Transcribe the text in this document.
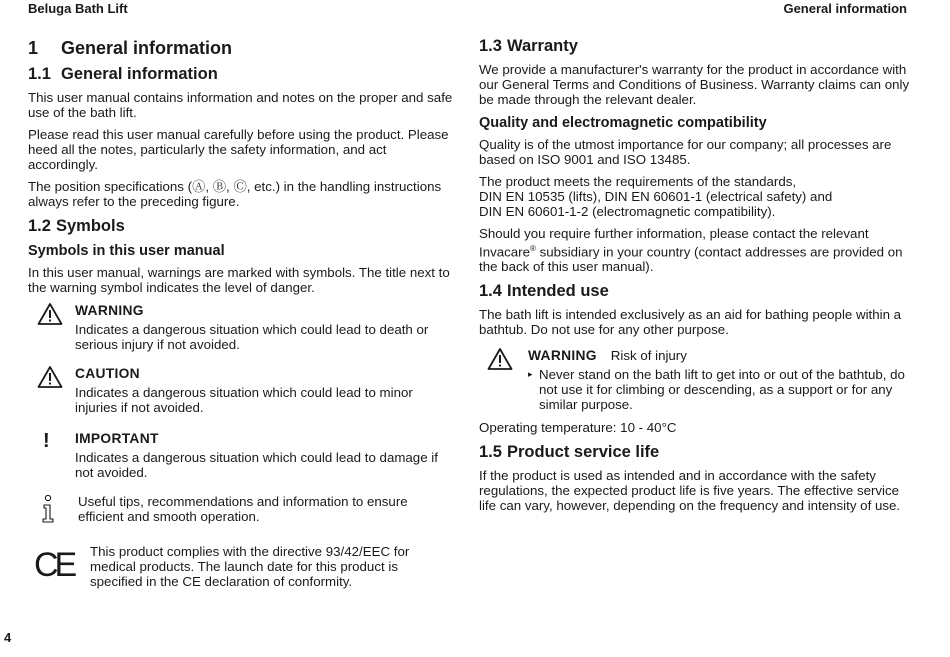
Beluga Bath Lift	General information
1 General information
1.1 General information

This user manual contains information and notes on the proper and safe use of the bath lift.

Please read this user manual carefully before using the product. Please heed all the notes, particularly the safety information, and act accordingly.

The position specifications (Ⓐ, Ⓑ, Ⓒ, etc.) in the handling instructions always refer to the preceding figure.

1.2 Symbols
Symbols in this user manual

In this user manual, warnings are marked with symbols. The title next to the warning symbol indicates the level of danger.

WARNING

Indicates a dangerous situation which could lead to death or serious injury if not avoided.

CAUTION

Indicates a dangerous situation which could lead to minor injuries if not avoided.

! IMPORTANT

Indicates a dangerous situation which could lead to damage if not avoided.

Useful tips, recommendations and information to ensure efficient and smooth operation.

CE This product complies with the directive 93/42/EEC for medical products. The launch date for this product is specified in the CE declaration of conformity.

1.3 Warranty

We provide a manufacturer's warranty for the product in accordance with our General Terms and Conditions of Business. Warranty claims can only be made through the relevant dealer.

Quality and electromagnetic compatibility

Quality is of the utmost importance for our company; all processes are based on ISO 9001 and ISO 13485.

The product meets the requirements of the standards,
DIN EN 10535 (lifts), DIN EN 60601-1 (electrical safety) and
DIN EN 60601-1-2 (electromagnetic compatibility).

Should you require further information, please contact the relevant Invacare® subsidiary in your country (contact addresses are provided on the back of this user manual).

1.4 Intended use

The bath lift is intended exclusively as an aid for bathing people within a bathtub. Do not use for any other purpose.

WARNING Risk of injury
▸ Never stand on the bath lift to get into or out of the bathtub, do not use it for climbing or descending, as a support or for any similar purpose.

Operating temperature: 10 - 40°C

1.5 Product service life

If the product is used as intended and in accordance with the safety regulations, the expected product life is five years. The effective service life can vary, however, depending on the frequency and intensity of use.

4
